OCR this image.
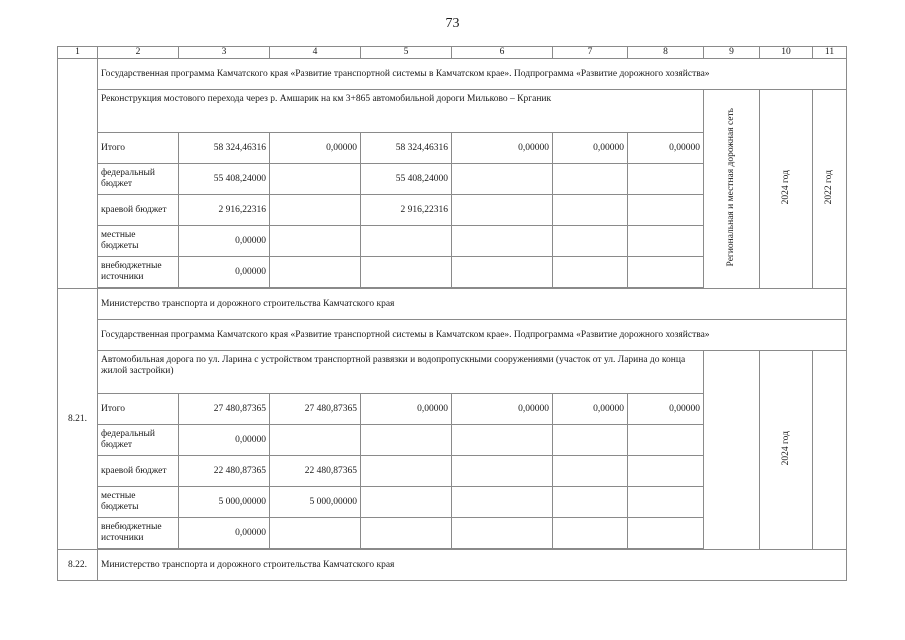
73
1	2	3	4	5	6	7	8	9	10	11
	Государственная программа Камчатского края «Развитие транспортной системы в Камчатском крае». Подпрограмма «Развитие дорожного хозяйства»									
	Реконструкция мостового перехода через р. Амшарик на км 3+865 автомобильной дороги Мильково – Крганик							Региональная и местная дорожная сеть	2024 год	2022 год
	Итого	58 324,46316	0,00000	58 324,46316	0,00000	0,00000	0,00000			
	федеральный бюджет	55 408,24000		55 408,24000						
	краевой бюджет	2 916,22316		2 916,22316						
	местные бюджеты	0,00000								
	внебюджетные источники	0,00000								

8.21.	Министерство транспорта и дорожного строительства Камчатского края									
	Государственная программа Камчатского края «Развитие транспортной системы в Камчатском крае». Подпрограмма «Развитие дорожного хозяйства»									
	Автомобильная дорога по ул. Ларина с устройством транспортной развязки и водопропускными сооружениями (участок от ул. Ларина до конца жилой застройки)								2024 год	
	Итого	27 480,87365	27 480,87365	0,00000	0,00000	0,00000	0,00000			
	федеральный бюджет	0,00000								
	краевой бюджет	22 480,87365	22 480,87365							
	местные бюджеты	5 000,00000	5 000,00000							
	внебюджетные источники	0,00000								

8.22.	Министерство транспорта и дорожного строительства Камчатского края									
